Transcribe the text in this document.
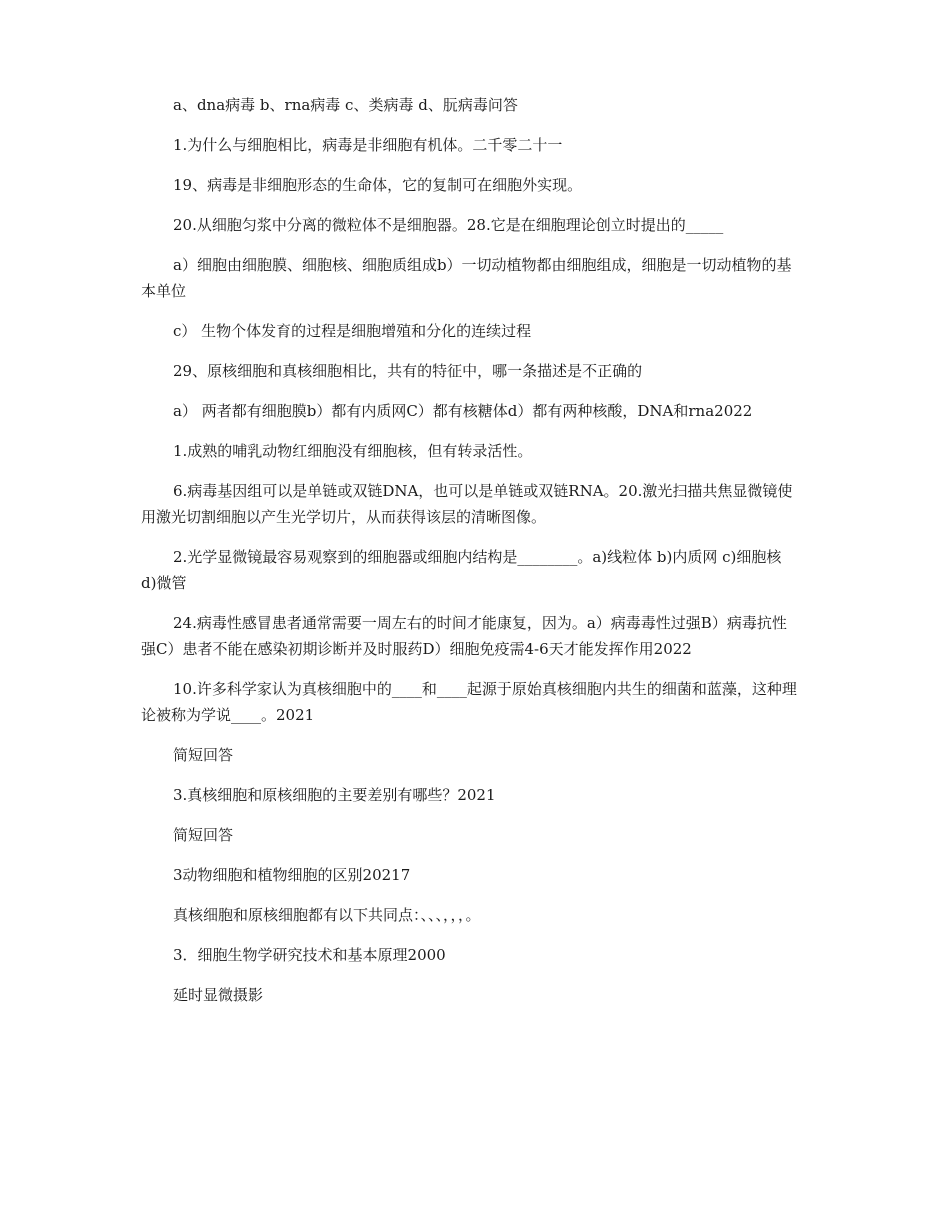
a、dna病毒 b、rna病毒 c、类病毒 d、朊病毒问答

1.为什么与细胞相比，病毒是非细胞有机体。二千零二十一

19、病毒是非细胞形态的生命体，它的复制可在细胞外实现。

20.从细胞匀浆中分离的微粒体不是细胞器。28.它是在细胞理论创立时提出的_____

a）细胞由细胞膜、细胞核、细胞质组成b）一切动植物都由细胞组成，细胞是一切动植物的基本单位

c） 生物个体发育的过程是细胞增殖和分化的连续过程

29、原核细胞和真核细胞相比，共有的特征中，哪一条描述是不正确的

a） 两者都有细胞膜b）都有内质网C）都有核糖体d）都有两种核酸，DNA和rna2022

1.成熟的哺乳动物红细胞没有细胞核，但有转录活性。

6.病毒基因组可以是单链或双链DNA，也可以是单链或双链RNA。20.激光扫描共焦显微镜使用激光切割细胞以产生光学切片，从而获得该层的清晰图像。

2.光学显微镜最容易观察到的细胞器或细胞内结构是________。a)线粒体 b)内质网 c)细胞核 d)微管

24.病毒性感冒患者通常需要一周左右的时间才能康复，因为。a）病毒毒性过强B）病毒抗性强C）患者不能在感染初期诊断并及时服药D）细胞免疫需4-6天才能发挥作用2022

10.许多科学家认为真核细胞中的____和____起源于原始真核细胞内共生的细菌和蓝藻，这种理论被称为学说____。2021

简短回答

3.真核细胞和原核细胞的主要差别有哪些？2021

简短回答

3动物细胞和植物细胞的区别20217

真核细胞和原核细胞都有以下共同点：、、、，，，。

3．细胞生物学研究技术和基本原理2000

延时显微摄影
